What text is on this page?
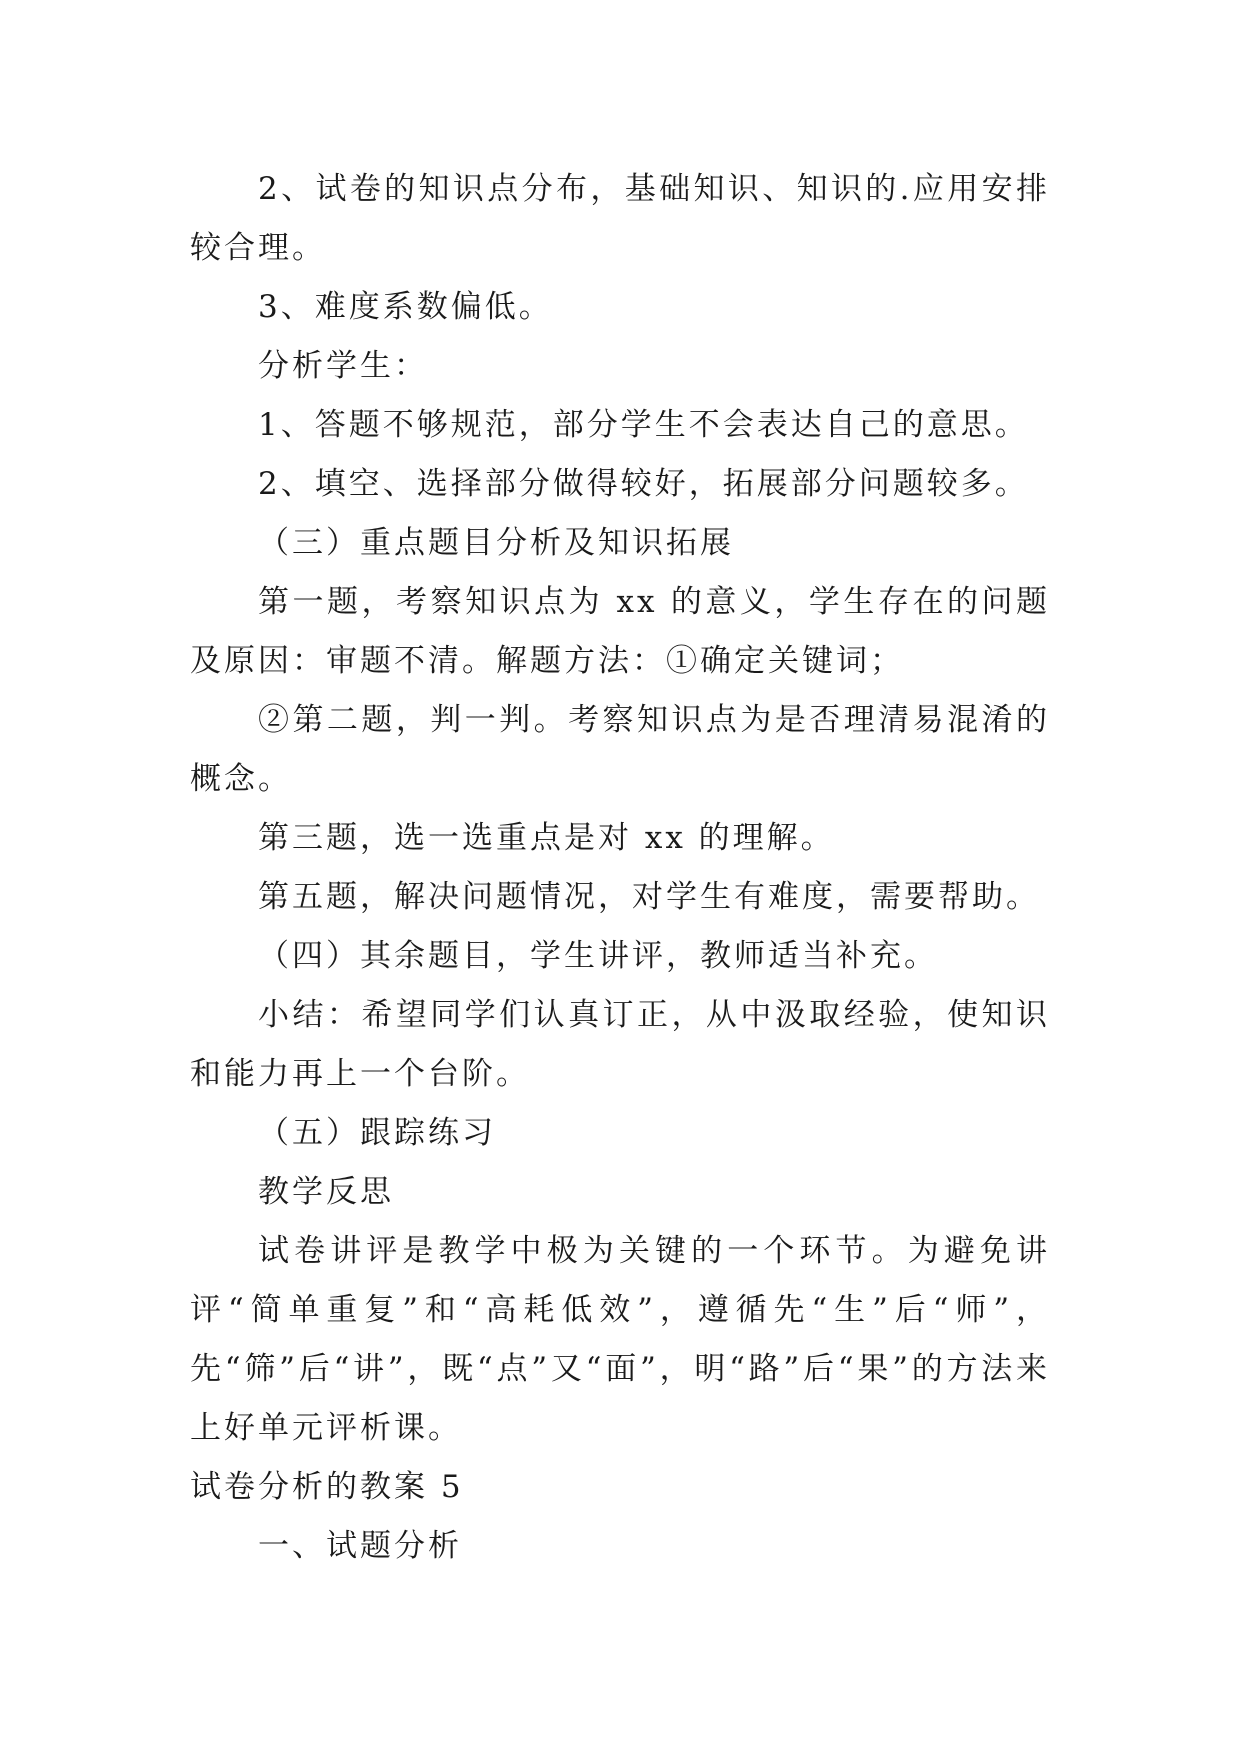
2、试卷的知识点分布，基础知识、知识的.应用安排较合理。

3、难度系数偏低。

分析学生：

1、答题不够规范，部分学生不会表达自己的意思。

2、填空、选择部分做得较好，拓展部分问题较多。

（三）重点题目分析及知识拓展

第一题，考察知识点为 xx 的意义，学生存在的问题及原因：审题不清。解题方法：①确定关键词；

②第二题，判一判。考察知识点为是否理清易混淆的概念。

第三题，选一选重点是对 xx 的理解。

第五题，解决问题情况，对学生有难度，需要帮助。

（四）其余题目，学生讲评，教师适当补充。

小结：希望同学们认真订正，从中汲取经验，使知识和能力再上一个台阶。

（五）跟踪练习

教学反思

试卷讲评是教学中极为关键的一个环节。为避免讲评“简单重复”和“高耗低效”，遵循先“生”后“师”，先“筛”后“讲”，既“点”又“面”，明“路”后“果”的方法来上好单元评析课。

试卷分析的教案 5

一、试题分析
